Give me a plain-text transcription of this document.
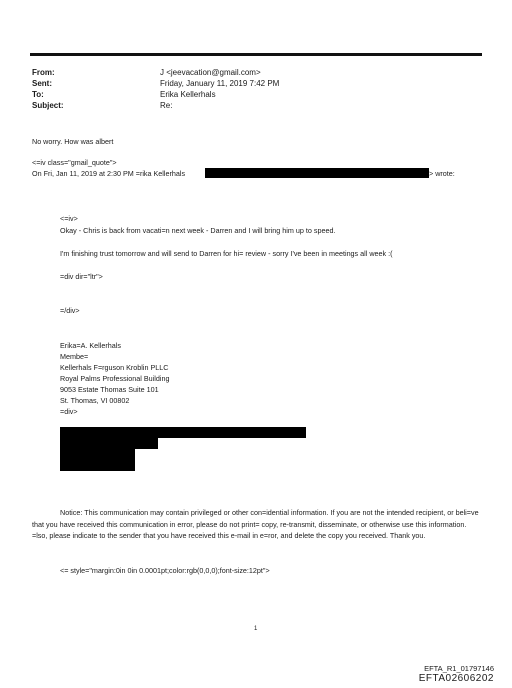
From:	J <jeevacation@gmail.com>
Sent:	Friday, January 11, 2019 7:42 PM
To:	Erika Kellerhals
Subject:	Re:
No worry. How was albert
<=iv class="gmail_quote">
On Fri, Jan 11, 2019 at 2:30 PM =rika Kellerhals	> wrote:
<=iv>
Okay - Chris is back from vacati=n next week - Darren and I will bring him up to speed.
I'm finishing trust tomorrow and will send to Darren for hi= review - sorry I've been in meetings all week :(
=div dir="ltr">
=/div>
Erika=A. Kellerhals
Membe=
Kellerhals F=rguson Kroblin PLLC
Royal Palms Professional Building
9053 Estate Thomas Suite 101
St. Thomas, VI 00802
=div>
Notice: This communication may contain privileged or other con=idential information. If you are not the intended recipient, or beli=ve that you have received this communication in error, please do not print= copy, re-transmit, disseminate, or otherwise use this information. =lso, please indicate to the sender that you have received this e-mail in e=ror, and delete the copy you received. Thank you.
<= style="margin:0in 0in 0.0001pt;color:rgb(0,0,0);font-size:12pt">
1
EFTA_R1_01797146
EFTA02606202
